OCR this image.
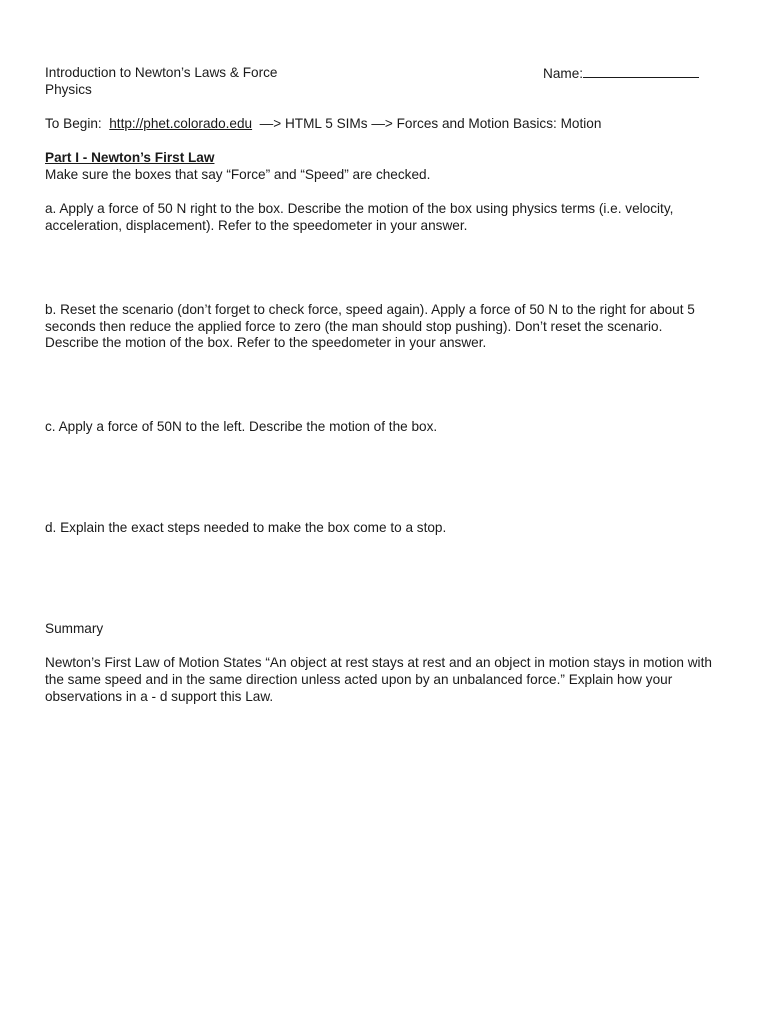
Introduction to Newton’s Laws & Force	Name:
Physics
To Begin: http://phet.colorado.edu —> HTML 5 SIMs —> Forces and Motion Basics: Motion
Part I - Newton’s First Law
Make sure the boxes that say “Force” and “Speed” are checked.
a. Apply a force of 50 N right to the box. Describe the motion of the box using physics terms (i.e. velocity,
acceleration, displacement). Refer to the speedometer in your answer.
b. Reset the scenario (don’t forget to check force, speed again). Apply a force of 50 N to the right for about 5
seconds then reduce the applied force to zero (the man should stop pushing). Don’t reset the scenario.
Describe the motion of the box. Refer to the speedometer in your answer.
c. Apply a force of 50N to the left. Describe the motion of the box.
d. Explain the exact steps needed to make the box come to a stop.
Summary
Newton’s First Law of Motion States “An object at rest stays at rest and an object in motion stays in motion with
the same speed and in the same direction unless acted upon by an unbalanced force.” Explain how your
observations in a - d support this Law.
